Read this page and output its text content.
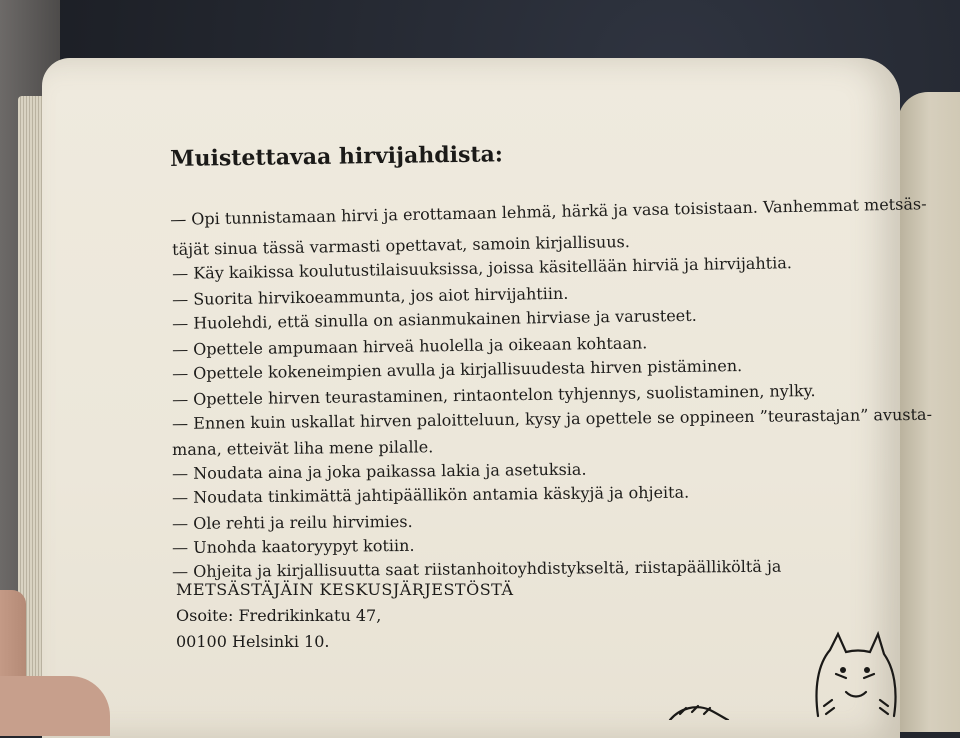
Muistettavaa hirvijahdista:
— Opi tunnistamaan hirvi ja erottamaan lehmä, härkä ja vasa toisistaan. Vanhemmat metsäs-
täjät sinua tässä varmasti opettavat, samoin kirjallisuus.
— Käy kaikissa koulutustilaisuuksissa, joissa käsitellään hirviä ja hirvijahtia.
— Suorita hirvikoeammunta, jos aiot hirvijahtiin.
— Huolehdi, että sinulla on asianmukainen hirviase ja varusteet.
— Opettele ampumaan hirveä huolella ja oikeaan kohtaan.
— Opettele kokeneimpien avulla ja kirjallisuudesta hirven pistäminen.
— Opettele hirven teurastaminen, rintaontelon tyhjennys, suolistaminen, nylky.
— Ennen kuin uskallat hirven paloitteluun, kysy ja opettele se oppineen ”teurastajan” avusta-
mana, etteivät liha mene pilalle.
— Noudata aina ja joka paikassa lakia ja asetuksia.
— Noudata tinkimättä jahtipäällikön antamia käskyjä ja ohjeita.
— Ole rehti ja reilu hirvimies.
— Unohda kaatoryypyt kotiin.
— Ohjeita ja kirjallisuutta saat riistanhoitoyhdistykseltä, riistapäälliköltä ja
METSÄSTÄJÄIN KESKUSJÄRJESTÖSTÄ
Osoite: Fredrikinkatu 47,
00100 Helsinki 10.
